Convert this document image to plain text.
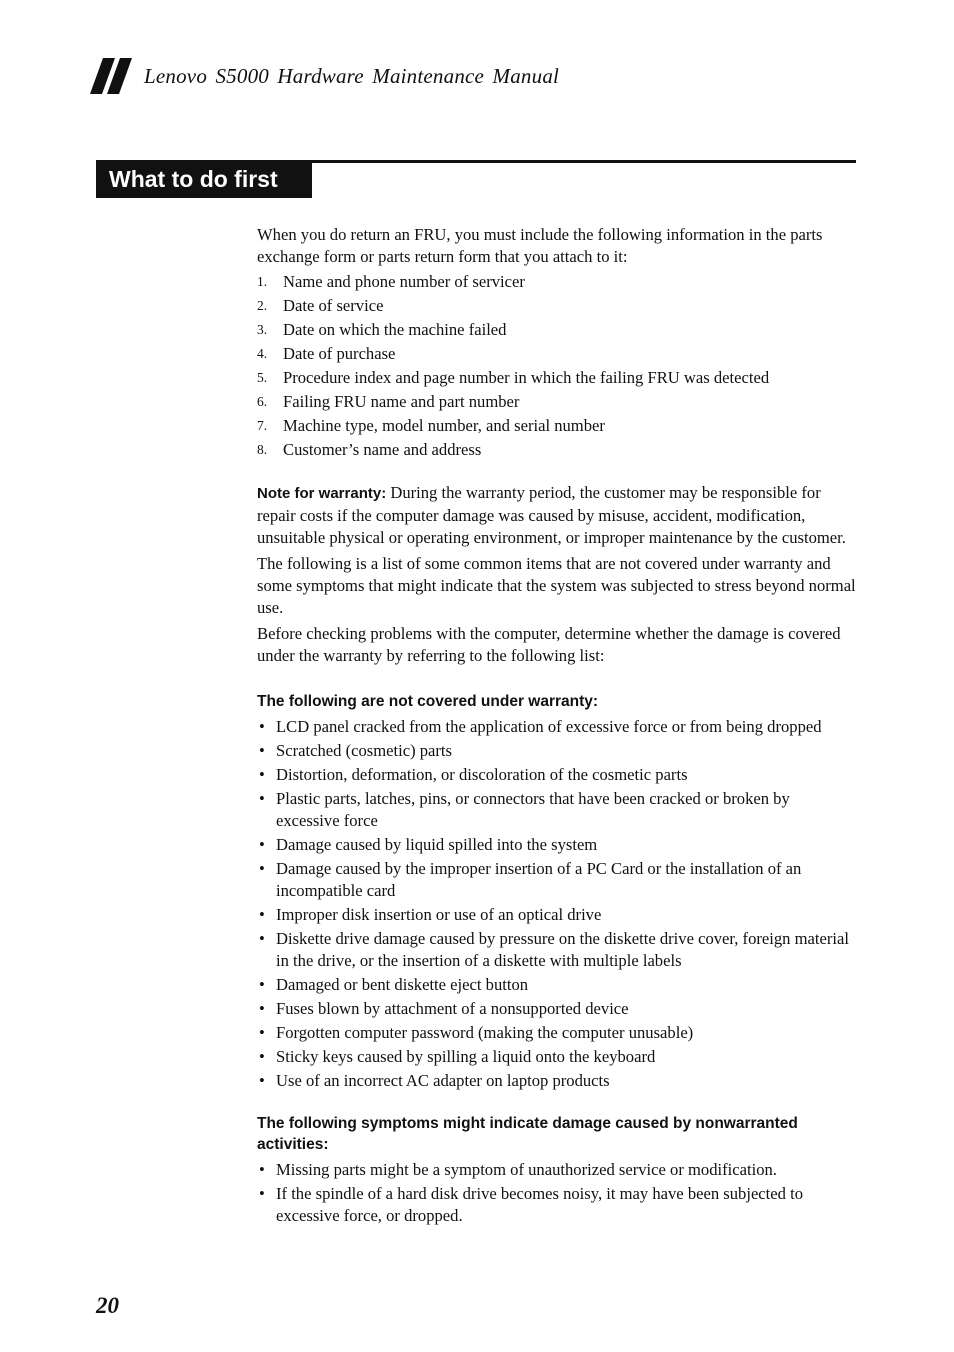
Lenovo S5000 Hardware Maintenance Manual
What to do first

When you do return an FRU, you must include the following information in the parts exchange form or parts return form that you attach to it:

1. Name and phone number of servicer
2. Date of service
3. Date on which the machine failed
4. Date of purchase
5. Procedure index and page number in which the failing FRU was detected
6. Failing FRU name and part number
7. Machine type, model number, and serial number
8. Customer’s name and address

Note for warranty: During the warranty period, the customer may be responsible for repair costs if the computer damage was caused by misuse, accident, modification, unsuitable physical or operating environment, or improper maintenance by the customer.

The following is a list of some common items that are not covered under warranty and some symptoms that might indicate that the system was subjected to stress beyond normal use.

Before checking problems with the computer, determine whether the damage is covered under the warranty by referring to the following list:

The following are not covered under warranty:

• LCD panel cracked from the application of excessive force or from being dropped
• Scratched (cosmetic) parts
• Distortion, deformation, or discoloration of the cosmetic parts
• Plastic parts, latches, pins, or connectors that have been cracked or broken by excessive force
• Damage caused by liquid spilled into the system
• Damage caused by the improper insertion of a PC Card or the installation of an incompatible card
• Improper disk insertion or use of an optical drive
• Diskette drive damage caused by pressure on the diskette drive cover, foreign material in the drive, or the insertion of a diskette with multiple labels
• Damaged or bent diskette eject button
• Fuses blown by attachment of a nonsupported device
• Forgotten computer password (making the computer unusable)
• Sticky keys caused by spilling a liquid onto the keyboard
• Use of an incorrect AC adapter on laptop products

The following symptoms might indicate damage caused by nonwarranted activities:

• Missing parts might be a symptom of unauthorized service or modification.
• If the spindle of a hard disk drive becomes noisy, it may have been subjected to excessive force, or dropped.
20
